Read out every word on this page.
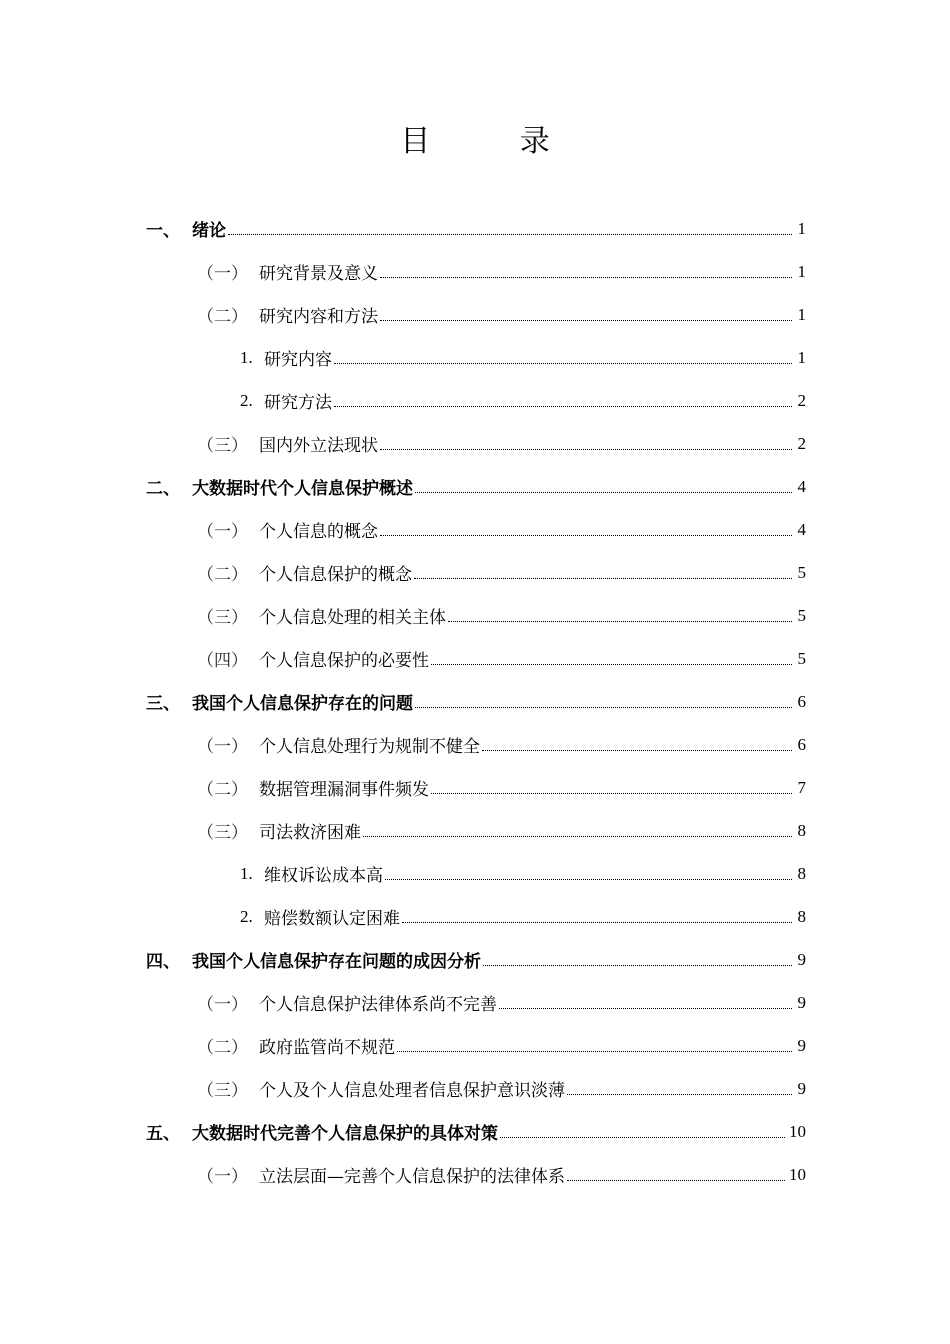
目 录
一、 绪论	1
（一） 研究背景及意义	1
（二） 研究内容和方法	1
1. 研究内容	1
2. 研究方法	2
（三） 国内外立法现状	2
二、 大数据时代个人信息保护概述	4
（一） 个人信息的概念	4
（二） 个人信息保护的概念	5
（三） 个人信息处理的相关主体	5
（四） 个人信息保护的必要性	5
三、 我国个人信息保护存在的问题	6
（一） 个人信息处理行为规制不健全	6
（二） 数据管理漏洞事件频发	7
（三） 司法救济困难	8
1. 维权诉讼成本高	8
2. 赔偿数额认定困难	8
四、 我国个人信息保护存在问题的成因分析	9
（一） 个人信息保护法律体系尚不完善	9
（二） 政府监管尚不规范	9
（三） 个人及个人信息处理者信息保护意识淡薄	9
五、 大数据时代完善个人信息保护的具体对策	10
（一） 立法层面—完善个人信息保护的法律体系	10
